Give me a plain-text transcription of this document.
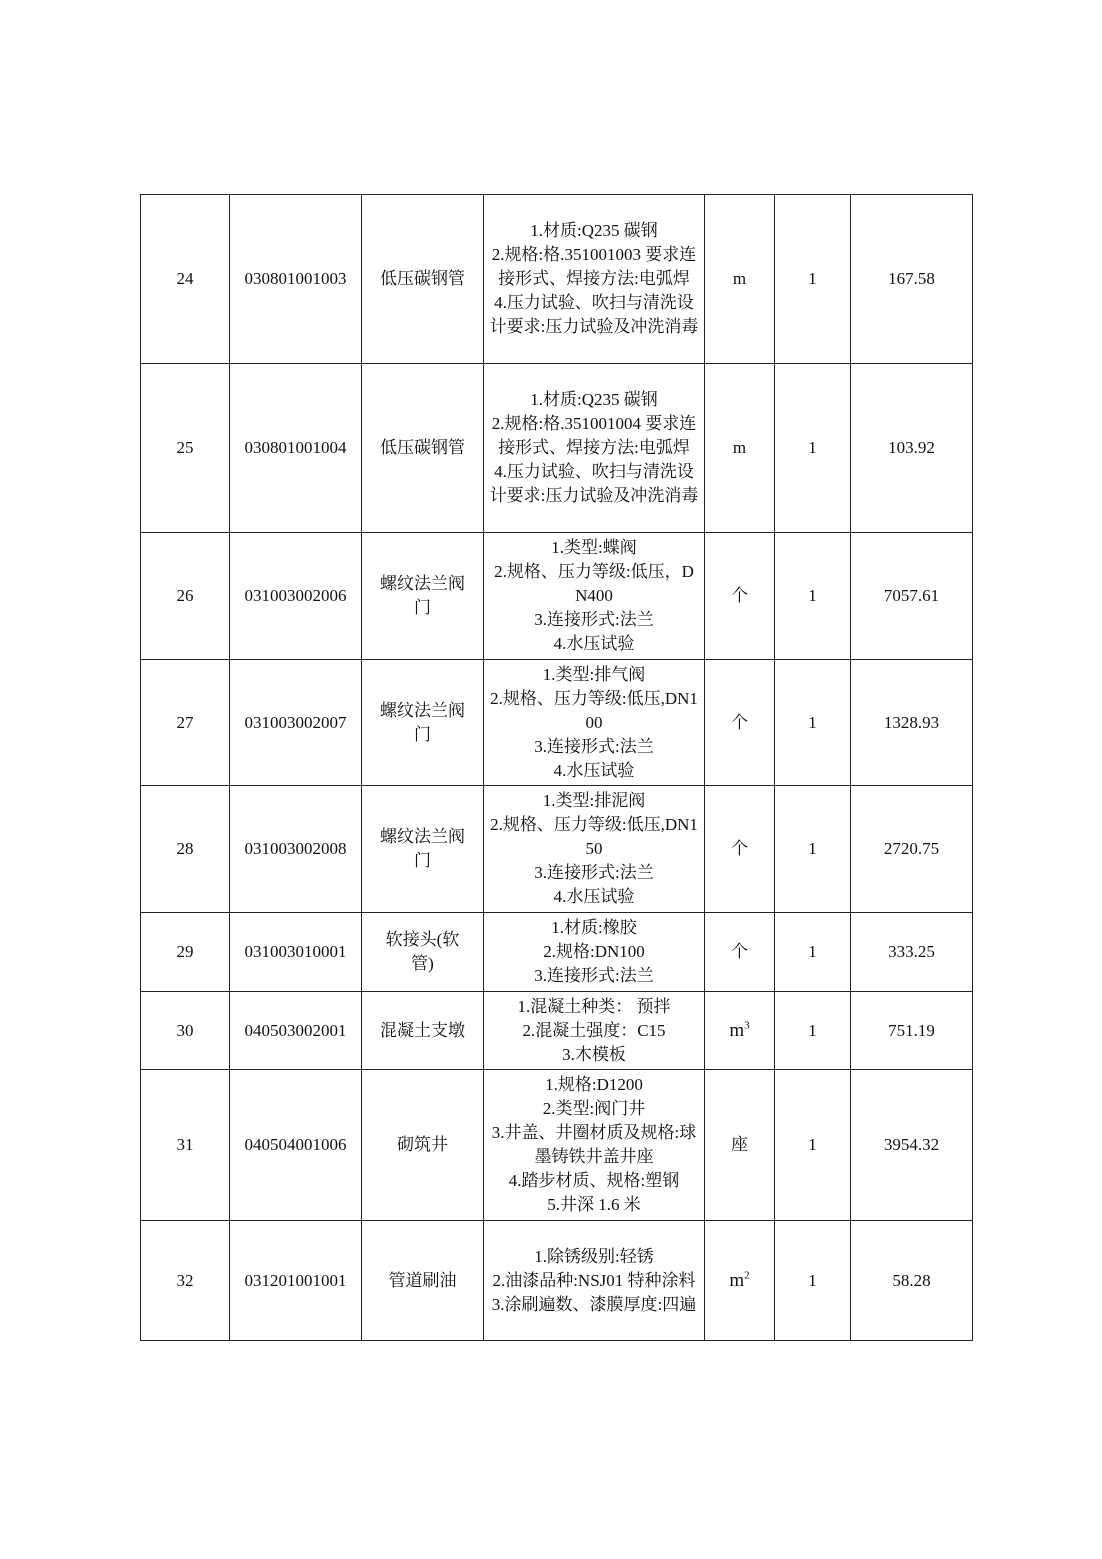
24	030801001003	低压碳钢管	1.材质:Q235 碳钢
2.规格:格.351001003 要求连接形式、焊接方法:电弧焊
4.压力试验、吹扫与清洗设计要求:压力试验及冲洗消毒	m	1	167.58
25	030801001004	低压碳钢管	1.材质:Q235 碳钢
2.规格:格.351001004 要求连接形式、焊接方法:电弧焊
4.压力试验、吹扫与清洗设计要求:压力试验及冲洗消毒	m	1	103.92
26	031003002006	螺纹法兰阀门	1.类型:蝶阀
2.规格、压力等级:低压，DN400
3.连接形式:法兰
4.水压试验	个	1	7057.61
27	031003002007	螺纹法兰阀门	1.类型:排气阀
2.规格、压力等级:低压,DN100
3.连接形式:法兰
4.水压试验	个	1	1328.93
28	031003002008	螺纹法兰阀门	1.类型:排泥阀
2.规格、压力等级:低压,DN150
3.连接形式:法兰
4.水压试验	个	1	2720.75
29	031003010001	软接头(软管)	1.材质:橡胶
2.规格:DN100
3.连接形式:法兰	个	1	333.25
30	040503002001	混凝土支墩	1.混凝土种类： 预拌
2.混凝土强度：C15
3.木模板	$m^3$	1	751.19
31	040504001006	砌筑井	1.规格:D1200
2.类型:阀门井
3.井盖、井圈材质及规格:球墨铸铁井盖井座
4.踏步材质、规格:塑钢
5.井深 1.6 米	座	1	3954.32
32	031201001001	管道刷油	1.除锈级别:轻锈
2.油漆品种:NSJ01 特种涂料
3.涂刷遍数、漆膜厚度:四遍	$m^2$	1	58.28
